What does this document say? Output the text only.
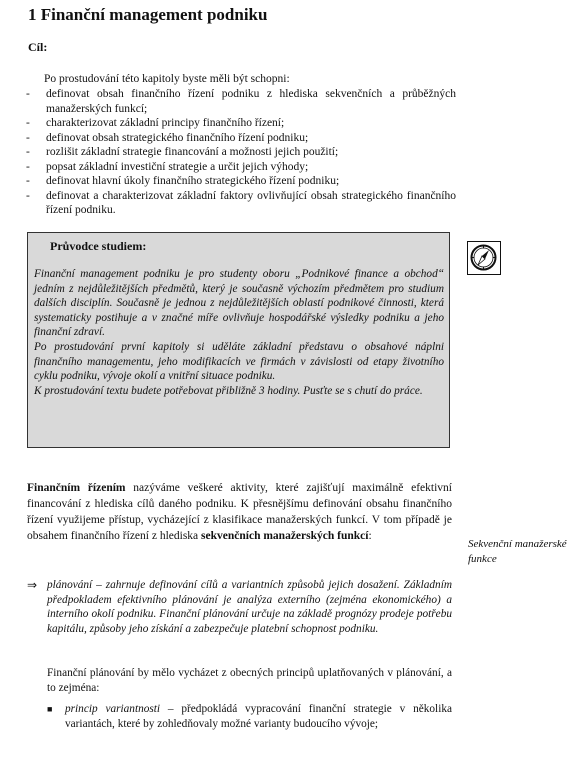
1 Finanční management podniku
Cíl:
Po prostudování této kapitoly byste měli být schopni:
- definovat obsah finančního řízení podniku z hlediska sekvenčních a průběžných manažerských funkcí;
- charakterizovat základní principy finančního řízení;
- definovat obsah strategického finančního řízení podniku;
- rozlišit základní strategie financování a možnosti jejich použití;
- popsat základní investiční strategie a určit jejich výhody;
- definovat hlavní úkoly finančního strategického řízení podniku;
- definovat a charakterizovat základní faktory ovlivňující obsah strategického finančního řízení podniku.
Průvodce studiem:

Finanční management podniku je pro studenty oboru „Podnikové finance a obchod“ jedním z nejdůležitějších předmětů, který je současně výchozím předmětem pro studium dalších disciplín. Současně je jednou z nejdůležitějších oblastí podnikové činnosti, která systematicky postihuje a v značné míře ovlivňuje hospodářské výsledky podniku a jeho finanční zdraví.

Po prostudování první kapitoly si uděláte základní představu o obsahové náplni finančního managementu, jeho modifikacích ve firmách v závislosti od etapy životního cyklu podniku, vývoje okolí a vnitřní situace podniku.

K prostudování textu budete potřebovat přibližně 3 hodiny. Pusťte se s chutí do práce.

Finančním řízením nazýváme veškeré aktivity, které zajišťují maximálně efektivní financování z hlediska cílů daného podniku. K přesnějšímu definování obsahu finančního řízení využijeme přístup, vycházející z klasifikace manažerských funkcí. V tom případě je obsahem finančního řízení z hlediska sekvenčních manažerských funkcí:
Sekvenční manažerské funkce
⇒ plánování – zahrnuje definování cílů a variantních způsobů jejich dosažení. Základním předpokladem efektivního plánování je analýza externího (zejména ekonomického) a interního okolí podniku. Finanční plánování určuje na základě prognózy prodeje potřebu kapitálu, způsoby jeho získání a zabezpečuje platební schopnost podniku.
Finanční plánování by mělo vycházet z obecných principů uplatňovaných v plánování, a to zejména:
■ princip variantnosti – předpokládá vypracování finanční strategie v několika variantách, které by zohledňovaly možné varianty budoucího vývoje;
